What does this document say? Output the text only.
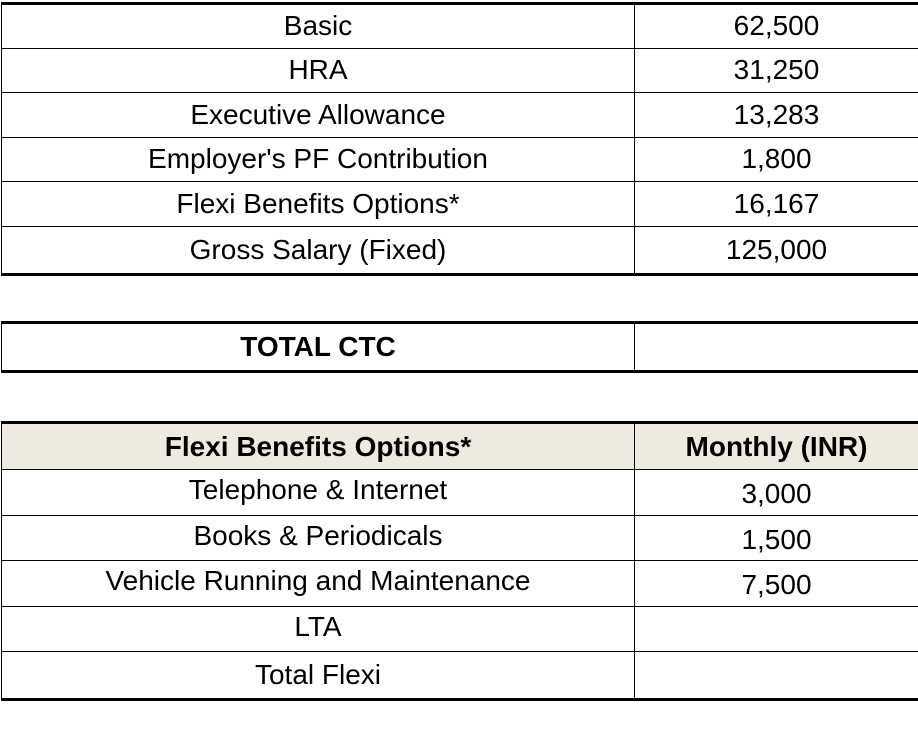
Basic	62,500
HRA	31,250
Executive Allowance	13,283
Employer's PF Contribution	1,800
Flexi Benefits Options*	16,167
Gross Salary (Fixed)	125,000
TOTAL CTC	
Flexi Benefits Options*	Monthly (INR)
Telephone & Internet	3,000
Books & Periodicals	1,500
Vehicle Running and Maintenance	7,500
LTA	
Total Flexi	
